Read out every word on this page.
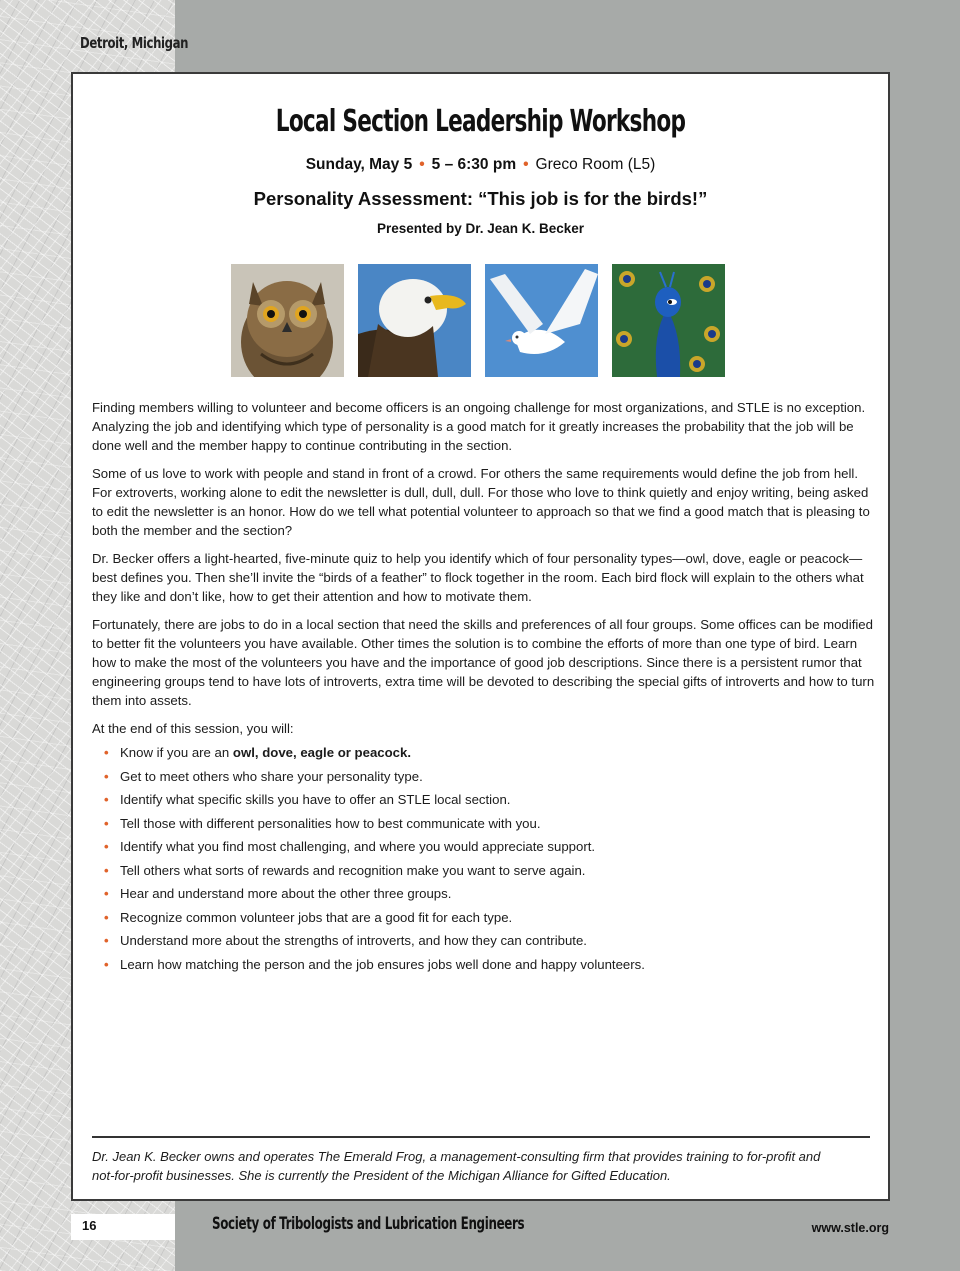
Detroit, Michigan
Local Section Leadership Workshop
Sunday, May 5 • 5 – 6:30 pm • Greco Room (L5)
Personality Assessment: “This job is for the birds!”
Presented by Dr. Jean K. Becker

Finding members willing to volunteer and become officers is an ongoing challenge for most organizations, and STLE is no exception. Analyzing the job and identifying which type of personality is a good match for it greatly increases the probability that the job will be done well and the member happy to continue contributing in the section.

Some of us love to work with people and stand in front of a crowd. For others the same requirements would define the job from hell. For extroverts, working alone to edit the newsletter is dull, dull, dull. For those who love to think quietly and enjoy writing, being asked to edit the newsletter is an honor. How do we tell what potential volunteer to approach so that we find a good match that is pleasing to both the member and the section?

Dr. Becker offers a light-hearted, five-minute quiz to help you identify which of four personality types—owl, dove, eagle or peacock—best defines you. Then she’ll invite the “birds of a feather” to flock together in the room. Each bird flock will explain to the others what they like and don’t like, how to get their attention and how to motivate them.

Fortunately, there are jobs to do in a local section that need the skills and preferences of all four groups. Some offices can be modified to better fit the volunteers you have available. Other times the solution is to combine the efforts of more than one type of bird. Learn how to make the most of the volunteers you have and the importance of good job descriptions. Since there is a persistent rumor that engineering groups tend to have lots of introverts, extra time will be devoted to describing the special gifts of introverts and how to turn them into assets.

At the end of this session, you will:

• Know if you are an owl, dove, eagle or peacock.
• Get to meet others who share your personality type.
• Identify what specific skills you have to offer an STLE local section.
• Tell those with different personalities how to best communicate with you.
• Identify what you find most challenging, and where you would appreciate support.
• Tell others what sorts of rewards and recognition make you want to serve again.
• Hear and understand more about the other three groups.
• Recognize common volunteer jobs that are a good fit for each type.
• Understand more about the strengths of introverts, and how they can contribute.
• Learn how matching the person and the job ensures jobs well done and happy volunteers.
Dr. Jean K. Becker owns and operates The Emerald Frog, a management-consulting firm that provides training to for-profit and not-for-profit businesses. She is currently the President of the Michigan Alliance for Gifted Education.
16	Society of Tribologists and Lubrication Engineers	www.stle.org
